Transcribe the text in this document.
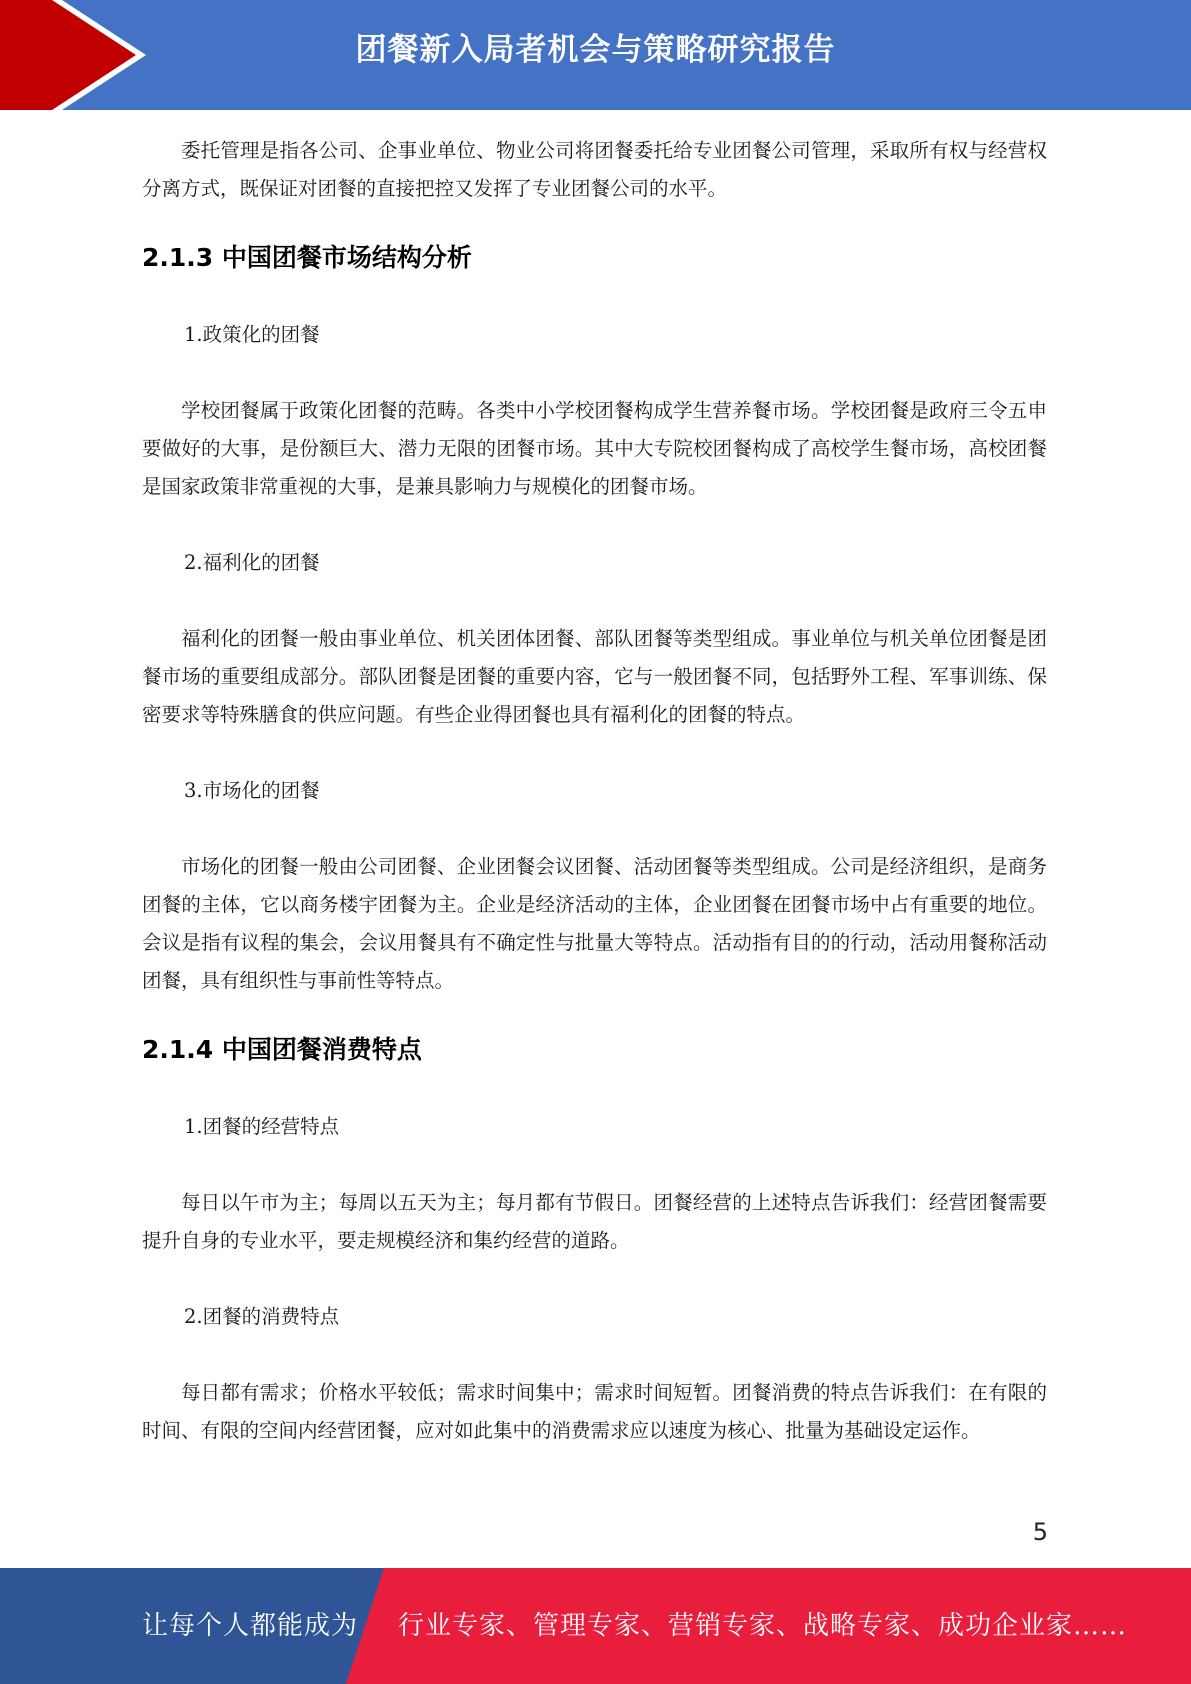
团餐新入局者机会与策略研究报告

委托管理是指各公司、企事业单位、物业公司将团餐委托给专业团餐公司管理，采取所有权与经营权分离方式，既保证对团餐的直接把控又发挥了专业团餐公司的水平。

2.1.3 中国团餐市场结构分析

1.政策化的团餐

学校团餐属于政策化团餐的范畴。各类中小学校团餐构成学生营养餐市场。学校团餐是政府三令五申要做好的大事，是份额巨大、潜力无限的团餐市场。其中大专院校团餐构成了高校学生餐市场，高校团餐是国家政策非常重视的大事，是兼具影响力与规模化的团餐市场。

2.福利化的团餐

福利化的团餐一般由事业单位、机关团体团餐、部队团餐等类型组成。事业单位与机关单位团餐是团餐市场的重要组成部分。部队团餐是团餐的重要内容，它与一般团餐不同，包括野外工程、军事训练、保密要求等特殊膳食的供应问题。有些企业得团餐也具有福利化的团餐的特点。

3.市场化的团餐

市场化的团餐一般由公司团餐、企业团餐会议团餐、活动团餐等类型组成。公司是经济组织，是商务团餐的主体，它以商务楼宇团餐为主。企业是经济活动的主体，企业团餐在团餐市场中占有重要的地位。会议是指有议程的集会，会议用餐具有不确定性与批量大等特点。活动指有目的的行动，活动用餐称活动团餐，具有组织性与事前性等特点。

2.1.4 中国团餐消费特点

1.团餐的经营特点

每日以午市为主；每周以五天为主；每月都有节假日。团餐经营的上述特点告诉我们：经营团餐需要提升自身的专业水平，要走规模经济和集约经营的道路。

2.团餐的消费特点

每日都有需求；价格水平较低；需求时间集中；需求时间短暂。团餐消费的特点告诉我们：在有限的时间、有限的空间内经营团餐，应对如此集中的消费需求应以速度为核心、批量为基础设定运作。

5
让每个人都能成为 行业专家、管理专家、营销专家、战略专家、成功企业家……
